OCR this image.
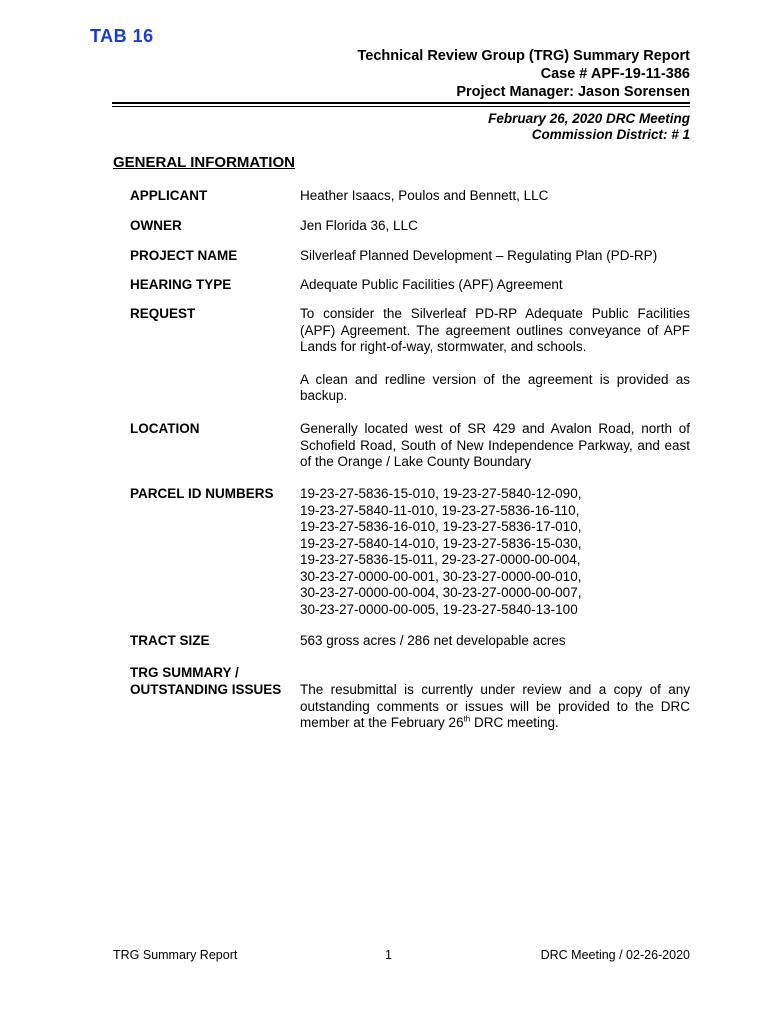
TAB 16
Technical Review Group (TRG) Summary Report
Case # APF-19-11-386
Project Manager: Jason Sorensen
February 26, 2020 DRC Meeting
Commission District: # 1
GENERAL INFORMATION
APPLICANT	Heather Isaacs, Poulos and Bennett, LLC
OWNER	Jen Florida 36, LLC
PROJECT NAME	Silverleaf Planned Development – Regulating Plan (PD-RP)
HEARING TYPE	Adequate Public Facilities (APF) Agreement
REQUEST	To consider the Silverleaf PD-RP Adequate Public Facilities (APF) Agreement. The agreement outlines conveyance of APF Lands for right-of-way, stormwater, and schools.

A clean and redline version of the agreement is provided as backup.

LOCATION	Generally located west of SR 429 and Avalon Road, north of Schofield Road, South of New Independence Parkway, and east of the Orange / Lake County Boundary
PARCEL ID NUMBERS	19-23-27-5836-15-010, 19-23-27-5840-12-090,
19-23-27-5840-11-010, 19-23-27-5836-16-110,
19-23-27-5836-16-010, 19-23-27-5836-17-010,
19-23-27-5840-14-010, 19-23-27-5836-15-030,
19-23-27-5836-15-011, 29-23-27-0000-00-004,
30-23-27-0000-00-001, 30-23-27-0000-00-010,
30-23-27-0000-00-004, 30-23-27-0000-00-007,
30-23-27-0000-00-005, 19-23-27-5840-13-100
TRACT SIZE	563 gross acres / 286 net developable acres
TRG SUMMARY /
OUTSTANDING ISSUES	The resubmittal is currently under review and a copy of any outstanding comments or issues will be provided to the DRC member at the February 26th DRC meeting.
TRG Summary Report	1	DRC Meeting / 02-26-2020
